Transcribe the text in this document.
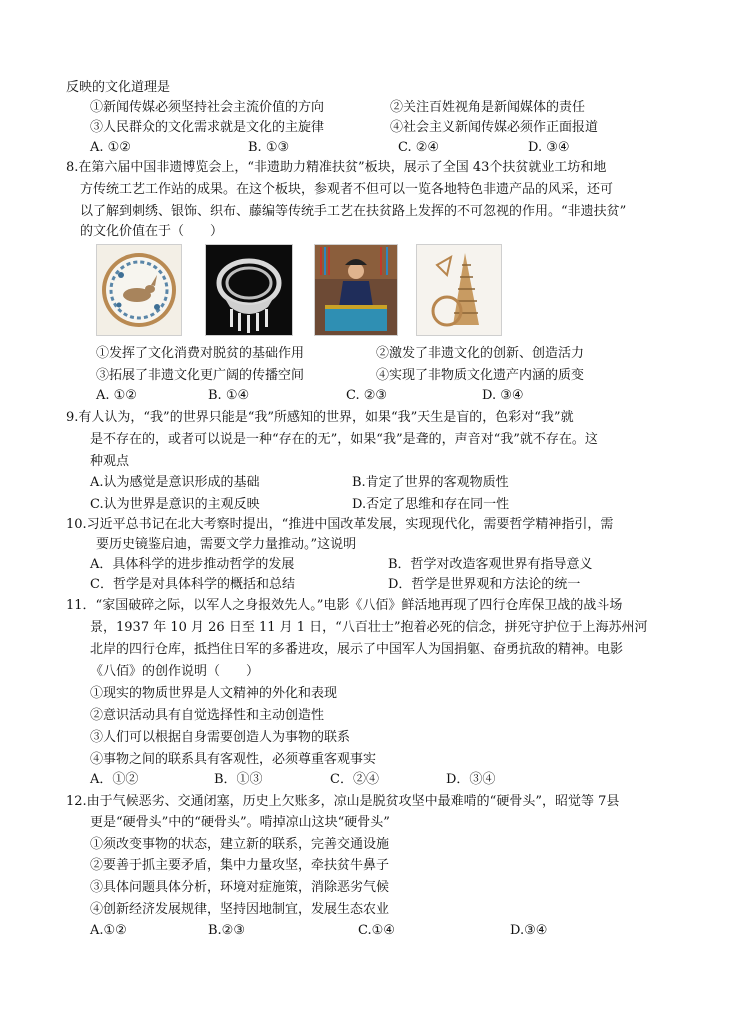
反映的文化道理是
①新闻传媒必须坚持社会主流价值的方向	②关注百姓视角是新闻媒体的责任
③人民群众的文化需求就是文化的主旋律	④社会主义新闻传媒必须作正面报道
A. ①②	B. ①③	C. ②④	D. ③④
8.在第六届中国非遗博览会上，“非遗助力精准扶贫”板块，展示了全国 43个扶贫就业工坊和地
方传统工艺工作站的成果。在这个板块，参观者不但可以一览各地特色非遗产品的风采，还可
以了解到刺绣、银饰、织布、藤编等传统手工艺在扶贫路上发挥的不可忽视的作用。“非遗扶贫”
的文化价值在于（　　）
①发挥了文化消费对脱贫的基础作用	②激发了非遗文化的创新、创造活力
③拓展了非遗文化更广阔的传播空间	④实现了非物质文化遗产内涵的质变
A. ①②	B. ①④	C. ②③	D. ③④
9.有人认为，“我”的世界只能是“我”所感知的世界，如果“我”天生是盲的，色彩对“我”就
是不存在的，或者可以说是一种“存在的无”，如果“我”是聋的，声音对“我”就不存在。这
种观点
A.认为感觉是意识形成的基础	B.肯定了世界的客观物质性
C.认为世界是意识的主观反映	D.否定了思维和存在同一性
10.习近平总书记在北大考察时提出，“推进中国改革发展，实现现代化，需要哲学精神指引，需
要历史镜鉴启迪，需要文学力量推动。”这说明
A．具体科学的进步推动哲学的发展	B．哲学对改造客观世界有指导意义
C．哲学是对具体科学的概括和总结	D．哲学是世界观和方法论的统一
11．“家国破碎之际，以军人之身报效先人。”电影《八佰》鲜活地再现了四行仓库保卫战的战斗场
景，1937 年 10 月 26 日至 11 月 1 日，“八百壮士”抱着必死的信念，拼死守护位于上海苏州河
北岸的四行仓库，抵挡住日军的多番进攻，展示了中国军人为国捐躯、奋勇抗敌的精神。电影
《八佰》的创作说明（　　）
①现实的物质世界是人文精神的外化和表现
②意识活动具有自觉选择性和主动创造性
③人们可以根据自身需要创造人为事物的联系
④事物之间的联系具有客观性，必须尊重客观事实
A．①②	B．①③	C．②④	D．③④
12.由于气候恶劣、交通闭塞，历史上欠账多，凉山是脱贫攻坚中最难啃的“硬骨头”，昭觉等 7县
更是“硬骨头”中的“硬骨头”。啃掉凉山这块“硬骨头”
①须改变事物的状态，建立新的联系，完善交通设施
②要善于抓主要矛盾，集中力量攻坚，牵扶贫牛鼻子
③具体问题具体分析，环境对症施策，消除恶劣气候
④创新经济发展规律，坚持因地制宜，发展生态农业
A.①②	B.②③	C.①④	D.③④
